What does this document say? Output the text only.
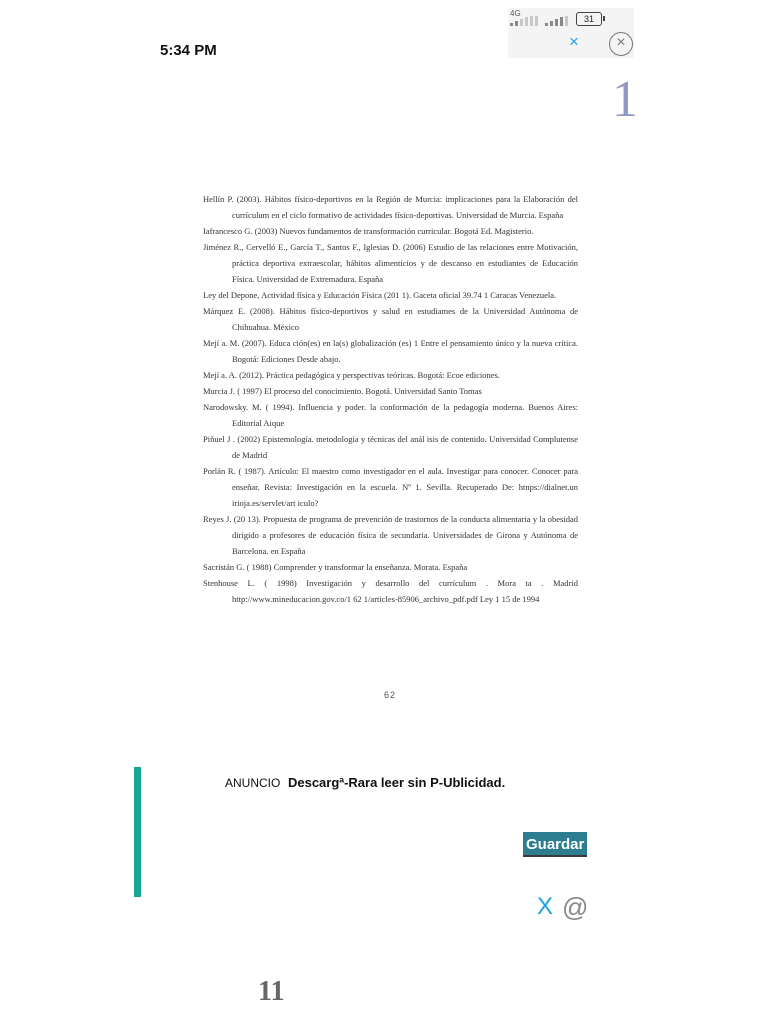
5:34 PM
4G
31
×	×
1

Hellín P. (2003). Hábitos físico-deportivos en la Región de Murcia: implicaciones para la Elaboración del currículum en el ciclo formativo de actividades físico-deportivas. Universidad de Murcia. España

Iafrancesco G. (2003) Nuevos fundamentos de transformación curricular. Bogotá Ed. Magisterio.

Jiménez R., Cervelló E., García T., Santos F., Iglesias D. (2006) Estudio de las relaciones entre Motivación, práctica deportiva extraescolar, hábitos alimenticios y de descanso en estudiantes de Educación Física. Universidad de Extremadura. España

Ley del Depone, Actividad física y Educación Física (201 1). Gaceta oficial 39.74 1 Caracas Venezuela.

Márquez E. (2008). Hábitos físico-deportivos y salud en estudiames de la Universidad Autónoma de Chihuahua. México

Mejí a. M. (2007). Educa ción(es) en la(s) globalización (es) 1 Entre el pensamiento único y la nueva crítica. Bogotá: Ediciones Desde abajo.

Mejí a. A. (2012). Práctica pedagógica y perspectivas teóricas. Bogotá: Ecoe ediciones.

Murcia J. ( 1997) El proceso del conocimiento. Bogotá. Universidad Santo Tomas

Narodowsky. M. ( 1994). Influencia y poder. la conformación de la pedagogía moderna. Buenos Aires: Editorial Aique

Piñuel J . (2002) Epistemología. metodología y técnicas del anál isis de contenido. Universidad Complutense de Madrid

Porlán R. ( 1987). Artículo: El maestro como investigador en el aula. Investigar para conocer. Conocer para enseñar. Revista: Investigación en la escuela. Nº 1. Sevilla. Recuperado De: htnps://dialnet.un irioja.es/servlet/art iculo?

Reyes J. (20 13). Propuesta de programa de prevención de trastornos de la conducta alimentaria y la obesidad dirigido a profesores de educación física de secundaria. Universidades de Girona y Autónoma de Barcelona. en España

Sacristán G. ( 1988) Comprender y transformar la enseñanza. Morata. España

Stenhouse L. ( 1998) Investigación y desarrollo del currículum . Mora ta . Madrid http://www.mineducacion.gov.co/1 62 1/articles-85906_archivo_pdf.pdf Ley 1 15 de 1994

62
ANUNCIO Descargª-Rara leer sin P-Ublicidad.
Guardar
X @
11
